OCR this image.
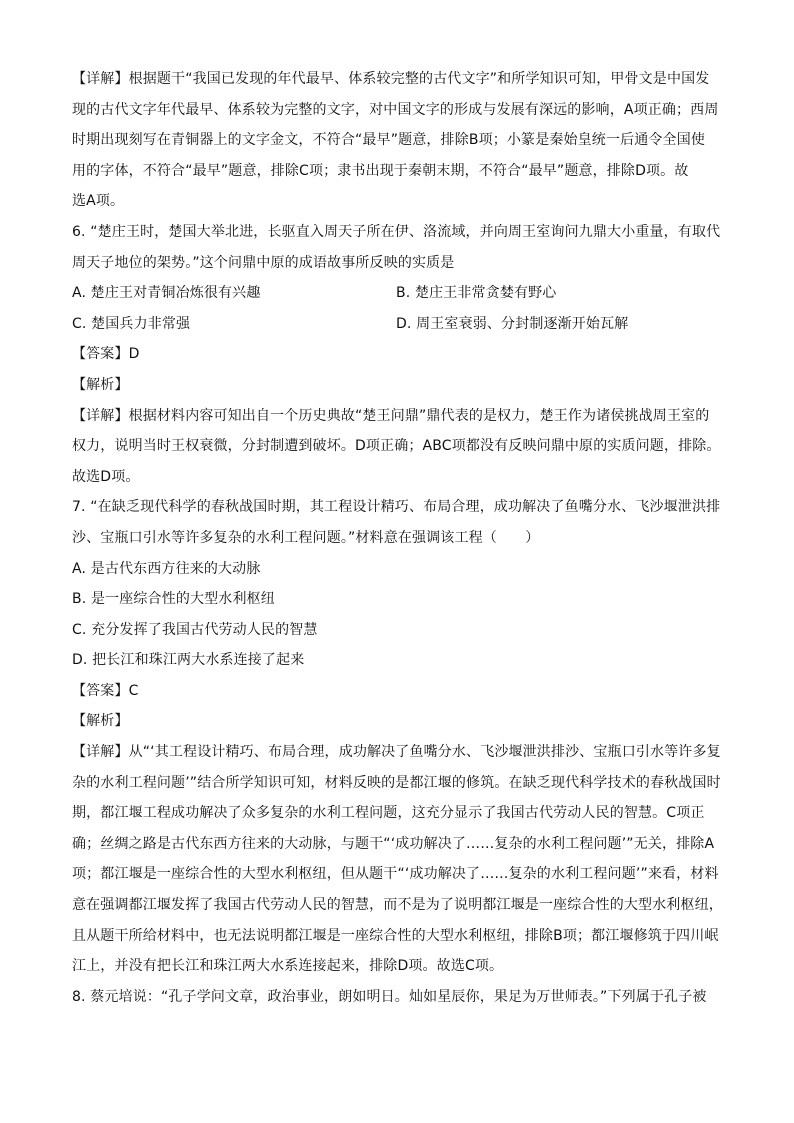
【详解】根据题干“我国已发现的年代最早、体系较完整的古代文字”和所学知识可知，甲骨文是中国发
现的古代文字年代最早、体系较为完整的文字，对中国文字的形成与发展有深远的影响，A项正确；西周
时期出现刻写在青铜器上的文字金文，不符合“最早”题意，排除B项；小篆是秦始皇统一后通令全国使
用的字体，不符合“最早”题意，排除C项；隶书出现于秦朝末期，不符合“最早”题意，排除D项。故
选A项。
6. “楚庄王时，楚国大举北进，长驱直入周天子所在伊、洛流域，并向周王室询问九鼎大小重量，有取代
周天子地位的架势。”这个问鼎中原的成语故事所反映的实质是
A. 楚庄王对青铜冶炼很有兴趣	B. 楚庄王非常贪婪有野心
C. 楚国兵力非常强	D. 周王室衰弱、分封制逐渐开始瓦解
【答案】D
【解析】
【详解】根据材料内容可知出自一个历史典故“楚王问鼎”鼎代表的是权力，楚王作为诸侯挑战周王室的
权力，说明当时王权衰微，分封制遭到破坏。D项正确；ABC项都没有反映问鼎中原的实质问题，排除。
故选D项。
7. “在缺乏现代科学的春秋战国时期，其工程设计精巧、布局合理，成功解决了鱼嘴分水、飞沙堰泄洪排
沙、宝瓶口引水等许多复杂的水利工程问题。”材料意在强调该工程（　　）
A. 是古代东西方往来的大动脉
B. 是一座综合性的大型水利枢纽
C. 充分发挥了我国古代劳动人民的智慧
D. 把长江和珠江两大水系连接了起来
【答案】C
【解析】
【详解】从“‘其工程设计精巧、布局合理，成功解决了鱼嘴分水、飞沙堰泄洪排沙、宝瓶口引水等许多复
杂的水利工程问题’”结合所学知识可知，材料反映的是都江堰的修筑。在缺乏现代科学技术的春秋战国时
期，都江堰工程成功解决了众多复杂的水利工程问题，这充分显示了我国古代劳动人民的智慧。C项正
确；丝绸之路是古代东西方往来的大动脉，与题干“‘成功解决了……复杂的水利工程问题’”无关，排除A
项；都江堰是一座综合性的大型水利枢纽，但从题干“‘成功解决了……复杂的水利工程问题’”来看，材料
意在强调都江堰发挥了我国古代劳动人民的智慧，而不是为了说明都江堰是一座综合性的大型水利枢纽，
且从题干所给材料中，也无法说明都江堰是一座综合性的大型水利枢纽，排除B项；都江堰修筑于四川岷
江上，并没有把长江和珠江两大水系连接起来，排除D项。故选C项。
8. 蔡元培说：“孔子学问文章，政治事业，朗如明日。灿如星辰你，果足为万世师表。”下列属于孔子被
